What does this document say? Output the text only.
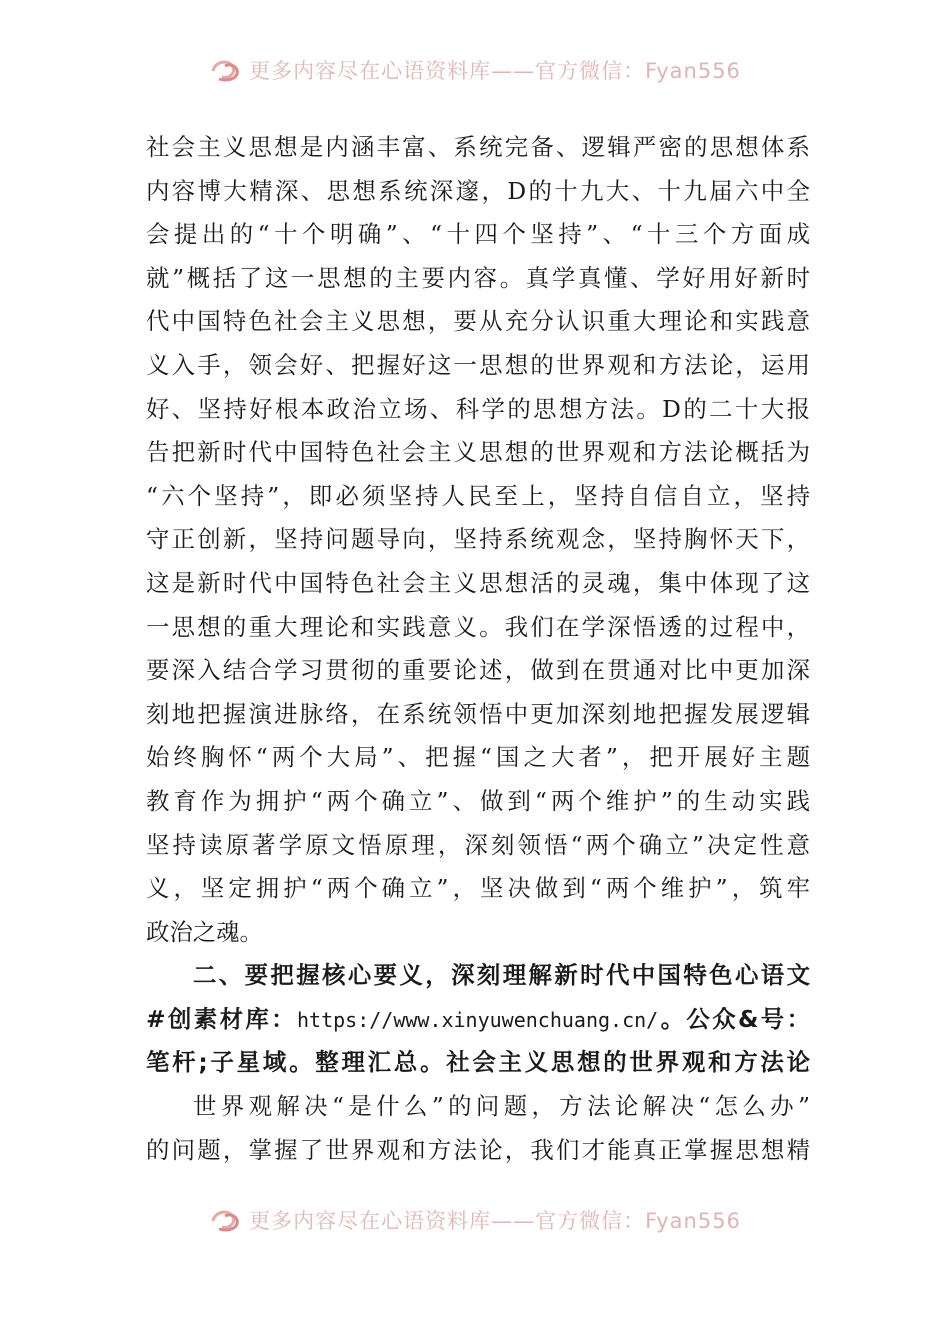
更多内容尽在心语资料库——官方微信：Fyan556
社会主义思想是内涵丰富、系统完备、逻辑严密的思想体系
内容博大精深、思想系统深邃，D的十九大、十九届六中全
会提出的“十个明确”、“十四个坚持”、“十三个方面成
就”概括了这一思想的主要内容。真学真懂、学好用好新时
代中国特色社会主义思想，要从充分认识重大理论和实践意
义入手，领会好、把握好这一思想的世界观和方法论，运用
好、坚持好根本政治立场、科学的思想方法。D的二十大报
告把新时代中国特色社会主义思想的世界观和方法论概括为
“六个坚持”，即必须坚持人民至上，坚持自信自立，坚持
守正创新，坚持问题导向，坚持系统观念，坚持胸怀天下，
这是新时代中国特色社会主义思想活的灵魂，集中体现了这
一思想的重大理论和实践意义。我们在学深悟透的过程中，
要深入结合学习贯彻的重要论述，做到在贯通对比中更加深
刻地把握演进脉络，在系统领悟中更加深刻地把握发展逻辑
始终胸怀“两个大局”、把握“国之大者”，把开展好主题
教育作为拥护“两个确立”、做到“两个维护”的生动实践
坚持读原著学原文悟原理，深刻领悟“两个确立”决定性意
义，坚定拥护“两个确立”，坚决做到“两个维护”，筑牢
政治之魂。
二、要把握核心要义，深刻理解新时代中国特色心语文
#创素材库：https://www.xinyuwenchuang.cn/。公众&号：
笔杆;子星域。整理汇总。社会主义思想的世界观和方法论
世界观解决“是什么”的问题，方法论解决“怎么办”
的问题，掌握了世界观和方法论，我们才能真正掌握思想精
更多内容尽在心语资料库——官方微信：Fyan556
